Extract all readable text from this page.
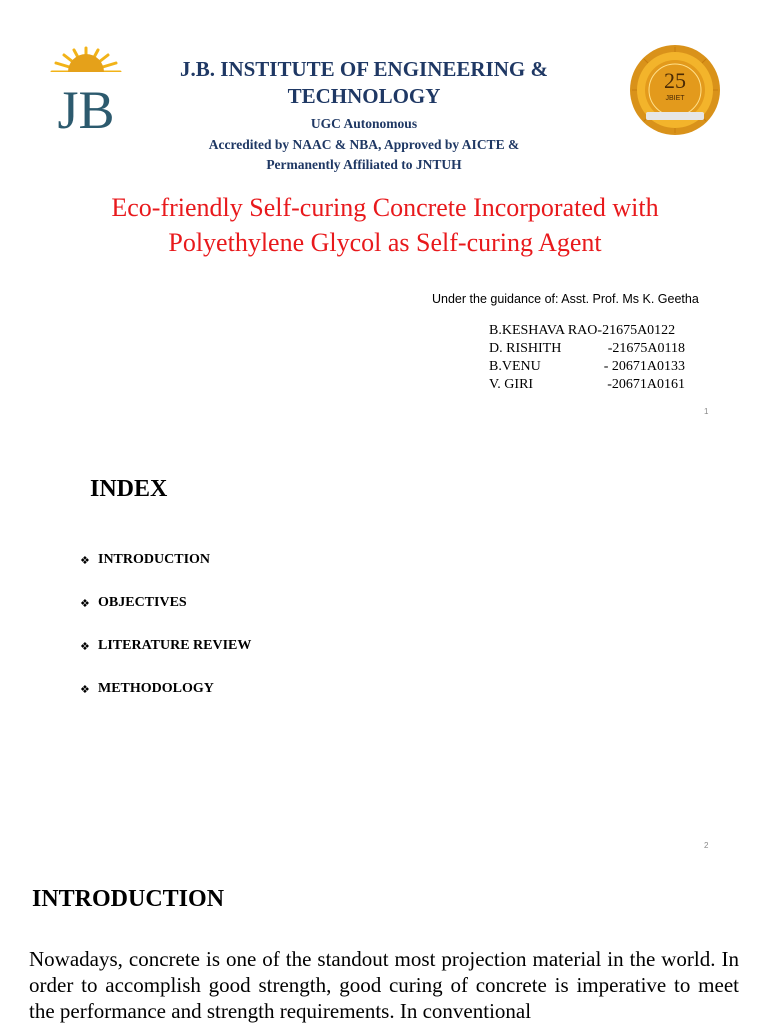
JB
J.B. INSTITUTE OF ENGINEERING &
TECHNOLOGY
UGC Autonomous
Accredited by NAAC & NBA, Approved by AICTE &
Permanently Affiliated to JNTUH
25
JBIET
Eco-friendly Self-curing Concrete Incorporated with
Polyethylene Glycol as Self-curing Agent
Under the guidance of: Asst. Prof. Ms K. Geetha
B.KESHAVA RAO-21675A0122
D. RISHITH	-21675A0118
B.VENU	- 20671A0133
V. GIRI	-20671A0161
1
INDEX
❖ INTRODUCTION
❖ OBJECTIVES
❖ LITERATURE REVIEW
❖ METHODOLOGY
2
INTRODUCTION
Nowadays, concrete is one of the standout most projection material in the world. In order to accomplish good strength, good curing of concrete is imperative to meet the performance and strength requirements. In conventional
